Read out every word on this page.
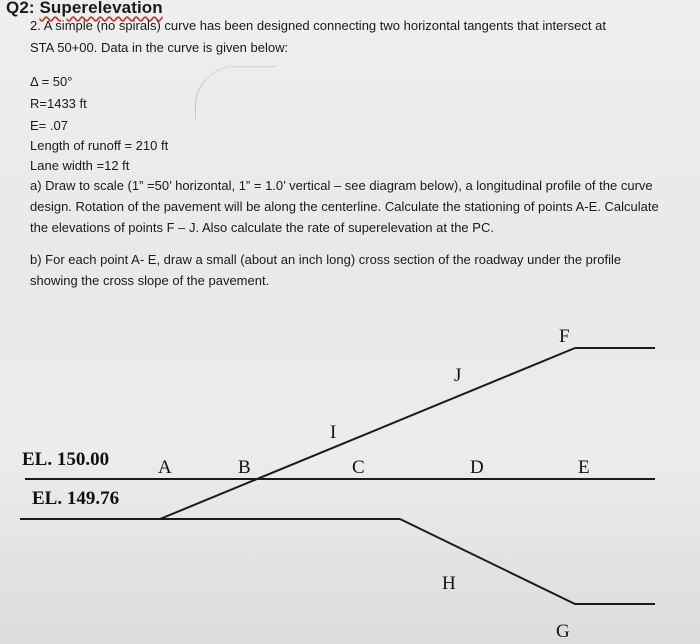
Q2: Superelevation
2. A simple (no spirals) curve has been designed connecting two horizontal tangents that intersect at
STA 50+00. Data in the curve is given below:
Δ = 50°
R=1433 ft
E= .07
Length of runoff = 210 ft
Lane width =12 ft
a) Draw to scale (1” =50’ horizontal, 1” = 1.0’ vertical – see diagram below), a longitudinal profile of the curve design. Rotation of the pavement will be along the centerline. Calculate the stationing of points A-E. Calculate the elevations of points F – J. Also calculate the rate of superelevation at the PC.
b) For each point A- E, draw a small (about an inch long) cross section of the roadway under the profile showing the cross slope of the pavement.
EL. 150.00
EL. 149.76
A	B	C	D	E
F
G
H
I
J
